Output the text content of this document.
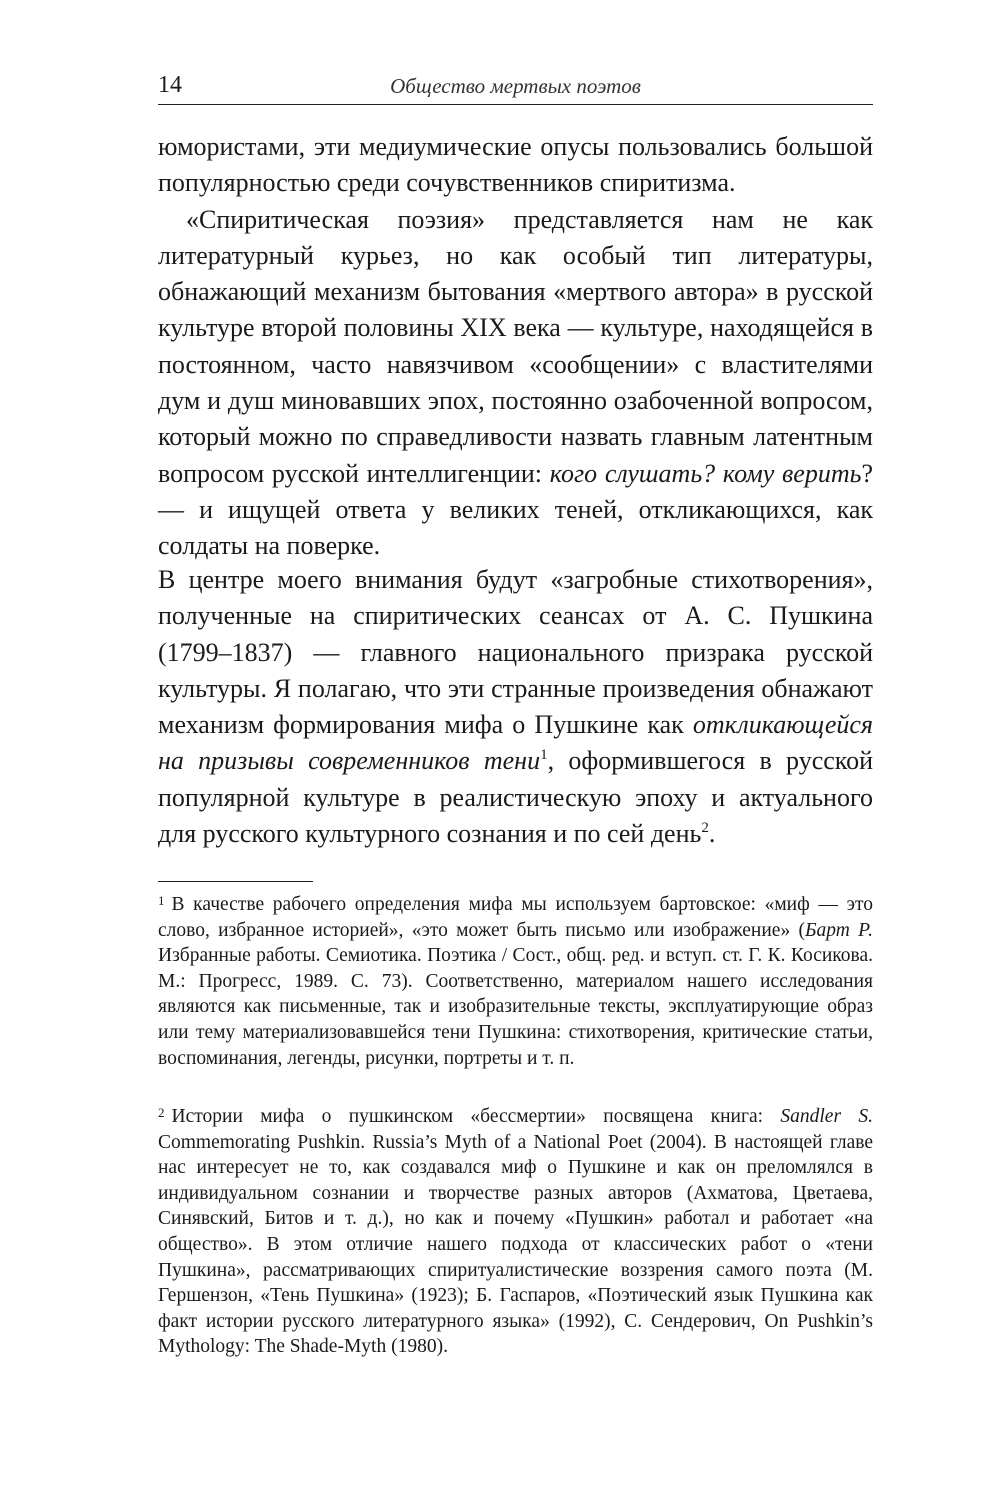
14	Общество мертвых поэтов

юмористами, эти медиумические опусы пользовались большой популярностью среди сочувственников спиритизма.

«Спиритическая поэзия» представляется нам не как литературный курьез, но как особый тип литературы, обнажающий механизм бытования «мертвого автора» в русской культуре второй половины XIX века — культуре, находящейся в постоянном, часто навязчивом «сообщении» с властителями дум и душ миновавших эпох, постоянно озабоченной вопросом, который можно по справедливости назвать главным латентным вопросом русской интеллигенции: кого слушать? кому верить? — и ищущей ответа у великих теней, откликающихся, как солдаты на поверке.

В центре моего внимания будут «загробные стихотворения», полученные на спиритических сеансах от А. С. Пушкина (1799–1837) — главного национального призрака русской культуры. Я полагаю, что эти странные произведения обнажают механизм формирования мифа о Пушкине как откликающейся на призывы современников тени$^1$, оформившегося в русской популярной культуре в реалистическую эпоху и актуального для русского культурного сознания и по сей день$^2$.

$^1$ В качестве рабочего определения мифа мы используем бартовское: «миф — это слово, избранное историей», «это может быть письмо или изображение» (Барт Р. Избранные работы. Семиотика. Поэтика / Сост., общ. ред. и вступ. ст. Г. К. Косикова. М.: Прогресс, 1989. С. 73). Соответственно, материалом нашего исследования являются как письменные, так и изобразительные тексты, эксплуатирующие образ или тему материализовавшейся тени Пушкина: стихотворения, критические статьи, воспоминания, легенды, рисунки, портреты и т. п.

$^2$ Истории мифа о пушкинском «бессмертии» посвящена книга: Sandler S. Commemorating Pushkin. Russia’s Myth of a National Poet (2004). В настоящей главе нас интересует не то, как создавался миф о Пушкине и как он преломлялся в индивидуальном сознании и творчестве разных авторов (Ахматова, Цветаева, Синявский, Битов и т. д.), но как и почему «Пушкин» работал и работает «на общество». В этом отличие нашего подхода от классических работ о «тени Пушкина», рассматривающих спиритуалистические воззрения самого поэта (М. Гершензон, «Тень Пушкина» (1923); Б. Гаспаров, «Поэтический язык Пушкина как факт истории русского литературного языка» (1992), С. Сендерович, On Pushkin’s Mythology: The Shade-Myth (1980).
